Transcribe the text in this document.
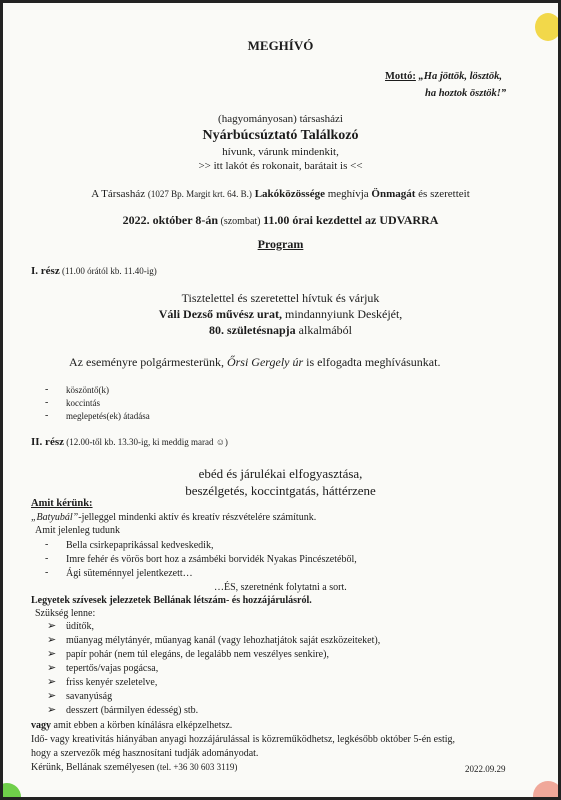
MEGHÍVÓ
Mottó: „Ha jöttök, lösztök,
ha hoztok ösztök!”
(hagyományosan) társasházi
Nyárbúcsúztató Találkozó
hívunk, várunk mindenkit,
>> itt lakót és rokonait, barátait is <<
A Társasház (1027 Bp. Margit krt. 64. B.) Lakóközössége meghívja Önmagát és szeretteit
2022. október 8-án (szombat) 11.00 órai kezdettel az UDVARRA
Program
I. rész (11.00 órától kb. 11.40-ig)
Tisztelettel és szeretettel hívtuk és várjuk
Váli Dezső művész urat, mindannyiunk Deskéjét,
80. születésnapja alkalmából
Az eseményre polgármesterünk, Őrsi Gergely úr is elfogadta meghívásunkat.
- köszöntő(k)
- koccintás
- meglepetés(ek) átadása
II. rész (12.00-től kb. 13.30-ig, ki meddig marad ☺)
ebéd és járulékai elfogyasztása,
beszélgetés, koccintgatás, háttérzene
Amit kérünk:
„Batyubál”-jelleggel mindenki aktív és kreatív részvételére számítunk.
Amit jelenleg tudunk
- Bella csirkepaprikással kedveskedik,
- Imre fehér és vörös bort hoz a zsámbéki borvidék Nyakas Pincészetéből,
- Ági süteménnyel jelentkezett…
…ÉS, szeretnénk folytatni a sort.
Legyetek szívesek jelezzetek Bellának létszám- és hozzájárulásról.
Szükség lenne:
➢ üdítők,
➢ műanyag mélytányér, műanyag kanál (vagy lehozhatjátok saját eszközeiteket),
➢ papír pohár (nem túl elegáns, de legalább nem veszélyes senkire),
➢ tepertős/vajas pogácsa,
➢ friss kenyér szeletelve,
➢ savanyúság
➢ desszert (bármilyen édesség) stb.
vagy amit ebben a körben kínálásra elképzelhetsz.
Idő- vagy kreativitás hiányában anyagi hozzájárulással is közreműködhetsz, legkésőbb október 5-én estig,
hogy a szervezők még hasznosítani tudják adományodat.
Kérünk, Bellának személyesen (tel. +36 30 603 3119)	2022.09.29
